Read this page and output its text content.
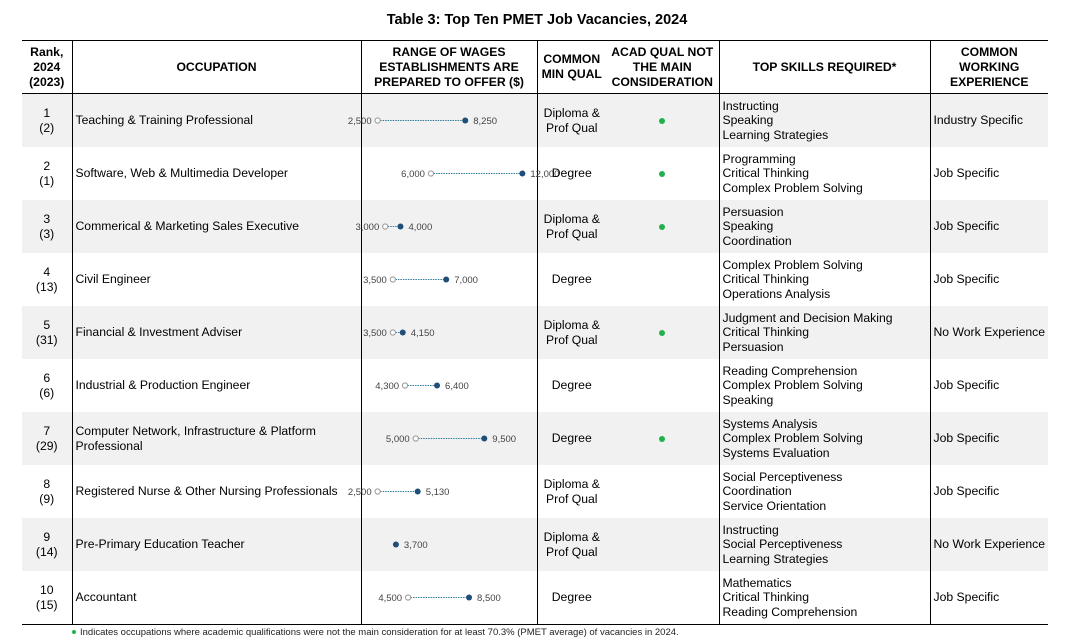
Table 3: Top Ten PMET Job Vacancies, 2024
Rank,
2024
(2023)	OCCUPATION	RANGE OF WAGES
ESTABLISHMENTS ARE
PREPARED TO OFFER ($)	COMMON
MIN QUAL	ACAD QUAL NOT
THE MAIN
CONSIDERATION	TOP SKILLS REQUIRED*	COMMON
WORKING
EXPERIENCE

1
(2)	Teaching & Training Professional	2,500 8,250	Diploma &
Prof Qual		Instructing
Speaking
Learning Strategies	Industry Specific

2
(1)	Software, Web & Multimedia Developer	6,000 12,000	Degree		Programming
Critical Thinking
Complex Problem Solving	Job Specific

3
(3)	Commerical & Marketing Sales Executive	3,000 4,000	Diploma &
Prof Qual		Persuasion
Speaking
Coordination	Job Specific

4
(13)	Civil Engineer	3,500 7,000	Degree		Complex Problem Solving
Critical Thinking
Operations Analysis	Job Specific

5
(31)	Financial & Investment Adviser	3,500 4,150	Diploma &
Prof Qual		Judgment and Decision Making
Critical Thinking
Persuasion	No Work Experience

6
(6)	Industrial & Production Engineer	4,300 6,400	Degree		Reading Comprehension
Complex Problem Solving
Speaking	Job Specific

7
(29)	Computer Network, Infrastructure & Platform
Professional	5,000 9,500	Degree		Systems Analysis
Complex Problem Solving
Systems Evaluation	Job Specific

8
(9)	Registered Nurse & Other Nursing Professionals	2,500 5,130	Diploma &
Prof Qual		Social Perceptiveness
Coordination
Service Orientation	Job Specific

9
(14)	Pre-Primary Education Teacher	3,700	Diploma &
Prof Qual		Instructing
Social Perceptiveness
Learning Strategies	No Work Experience

10
(15)	Accountant	4,500 8,500	Degree		Mathematics
Critical Thinking
Reading Comprehension	Job Specific
Indicates occupations where academic qualifications were not the main consideration for at least 70.3% (PMET average) of vacancies in 2024.
